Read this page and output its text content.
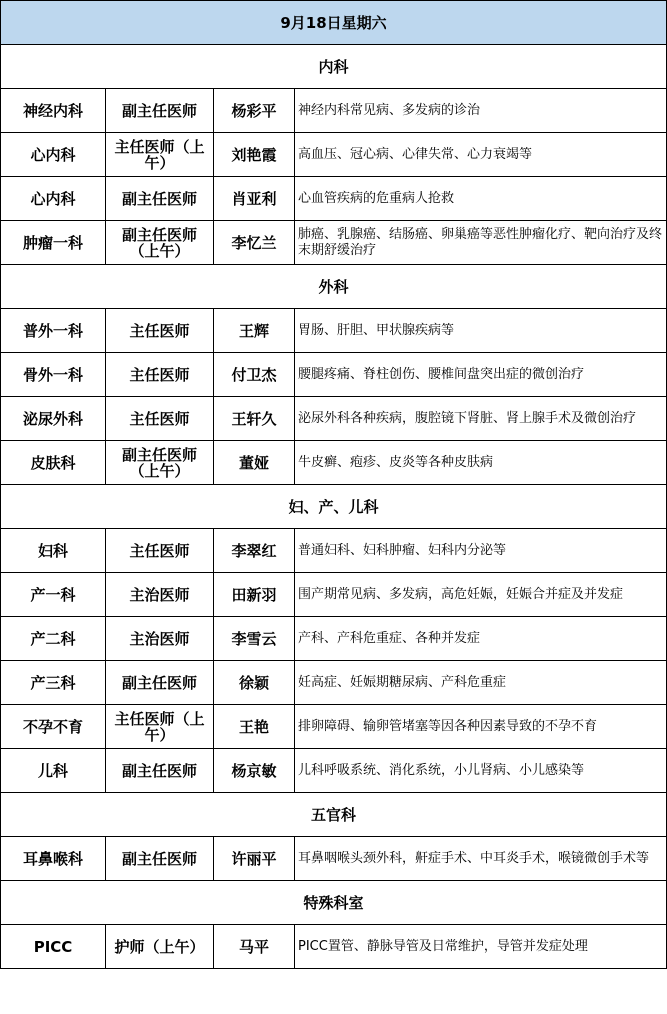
9月18日星期六			
内科			
神经内科	副主任医师	杨彩平	神经内科常见病、多发病的诊治
心内科	主任医师（上午）	刘艳霞	高血压、冠心病、心律失常、心力衰竭等
心内科	副主任医师	肖亚利	心血管疾病的危重病人抢救
肿瘤一科	副主任医师（上午）	李忆兰	肺癌、乳腺癌、结肠癌、卵巢癌等恶性肿瘤化疗、靶向治疗及终末期舒缓治疗
外科			
普外一科	主任医师	王辉	胃肠、肝胆、甲状腺疾病等
骨外一科	主任医师	付卫杰	腰腿疼痛、脊柱创伤、腰椎间盘突出症的微创治疗
泌尿外科	主任医师	王轩久	泌尿外科各种疾病，腹腔镜下肾脏、肾上腺手术及微创治疗
皮肤科	副主任医师（上午）	董娅	牛皮癣、疱疹、皮炎等各种皮肤病
妇、产、儿科			
妇科	主任医师	李翠红	普通妇科、妇科肿瘤、妇科内分泌等
产一科	主治医师	田新羽	围产期常见病、多发病，高危妊娠，妊娠合并症及并发症
产二科	主治医师	李雪云	产科、产科危重症、各种并发症
产三科	副主任医师	徐颖	妊高症、妊娠期糖尿病、产科危重症
不孕不育	主任医师（上午）	王艳	排卵障碍、输卵管堵塞等因各种因素导致的不孕不育
儿科	副主任医师	杨京敏	儿科呼吸系统、消化系统，小儿肾病、小儿感染等
五官科			
耳鼻喉科	副主任医师	许丽平	耳鼻咽喉头颈外科，鼾症手术、中耳炎手术，喉镜微创手术等
特殊科室			
PICC	护师（上午）	马平	PICC置管、静脉导管及日常维护，导管并发症处理
